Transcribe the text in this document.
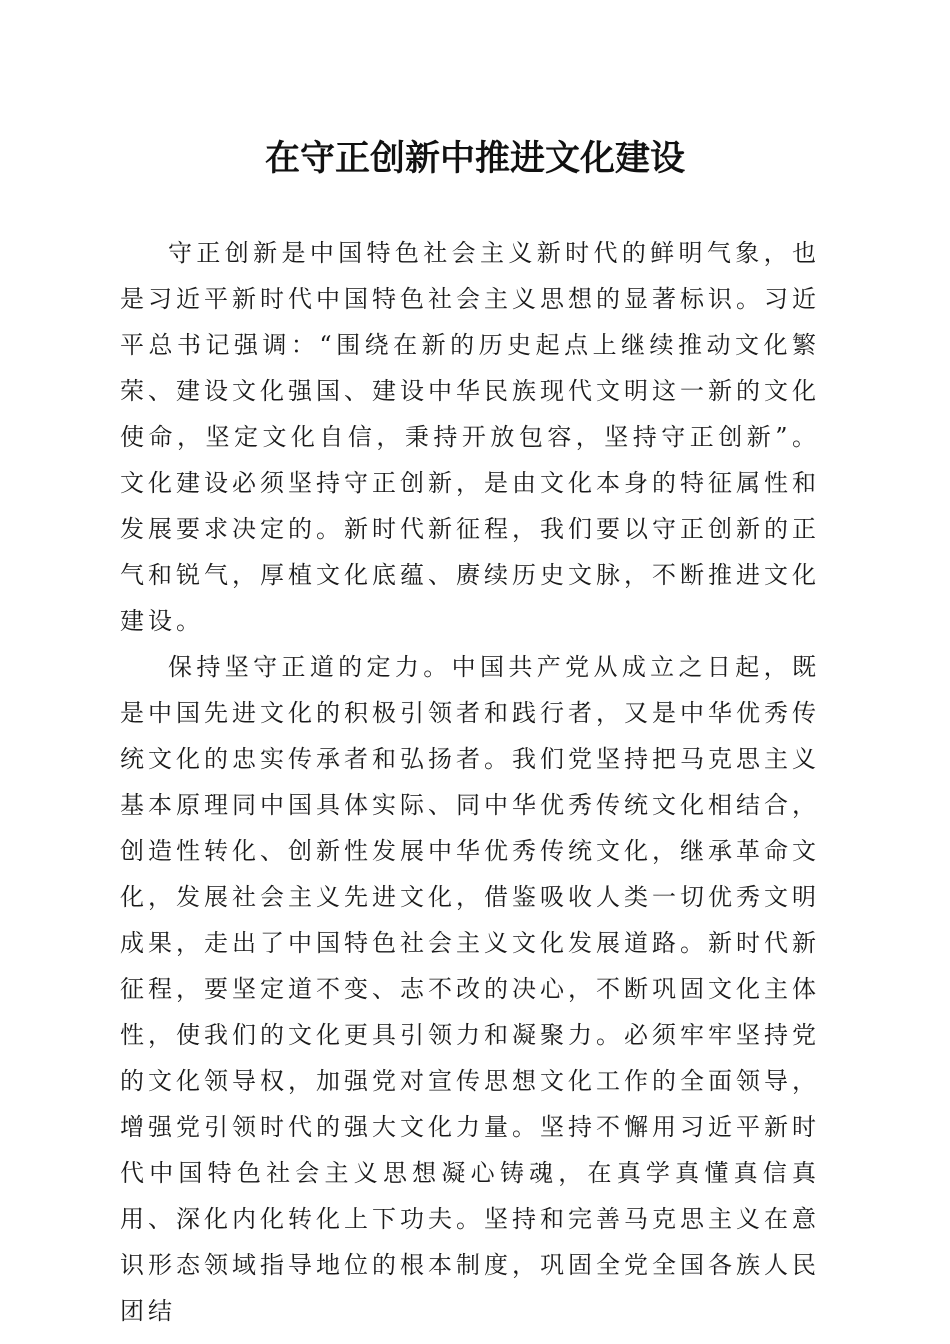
在守正创新中推进文化建设

守正创新是中国特色社会主义新时代的鲜明气象，也是习近平新时代中国特色社会主义思想的显著标识。习近平总书记强调：“围绕在新的历史起点上继续推动文化繁荣、建设文化强国、建设中华民族现代文明这一新的文化使命，坚定文化自信，秉持开放包容，坚持守正创新”。文化建设必须坚持守正创新，是由文化本身的特征属性和发展要求决定的。新时代新征程，我们要以守正创新的正气和锐气，厚植文化底蕴、赓续历史文脉，不断推进文化建设。

保持坚守正道的定力。中国共产党从成立之日起，既是中国先进文化的积极引领者和践行者，又是中华优秀传统文化的忠实传承者和弘扬者。我们党坚持把马克思主义基本原理同中国具体实际、同中华优秀传统文化相结合，创造性转化、创新性发展中华优秀传统文化，继承革命文化，发展社会主义先进文化，借鉴吸收人类一切优秀文明成果，走出了中国特色社会主义文化发展道路。新时代新征程，要坚定道不变、志不改的决心，不断巩固文化主体性，使我们的文化更具引领力和凝聚力。必须牢牢坚持党的文化领导权，加强党对宣传思想文化工作的全面领导，增强党引领时代的强大文化力量。坚持不懈用习近平新时代中国特色社会主义思想凝心铸魂，在真学真懂真信真用、深化内化转化上下功夫。坚持和完善马克思主义在意识形态领域指导地位的根本制度，巩固全党全国各族人民团结
